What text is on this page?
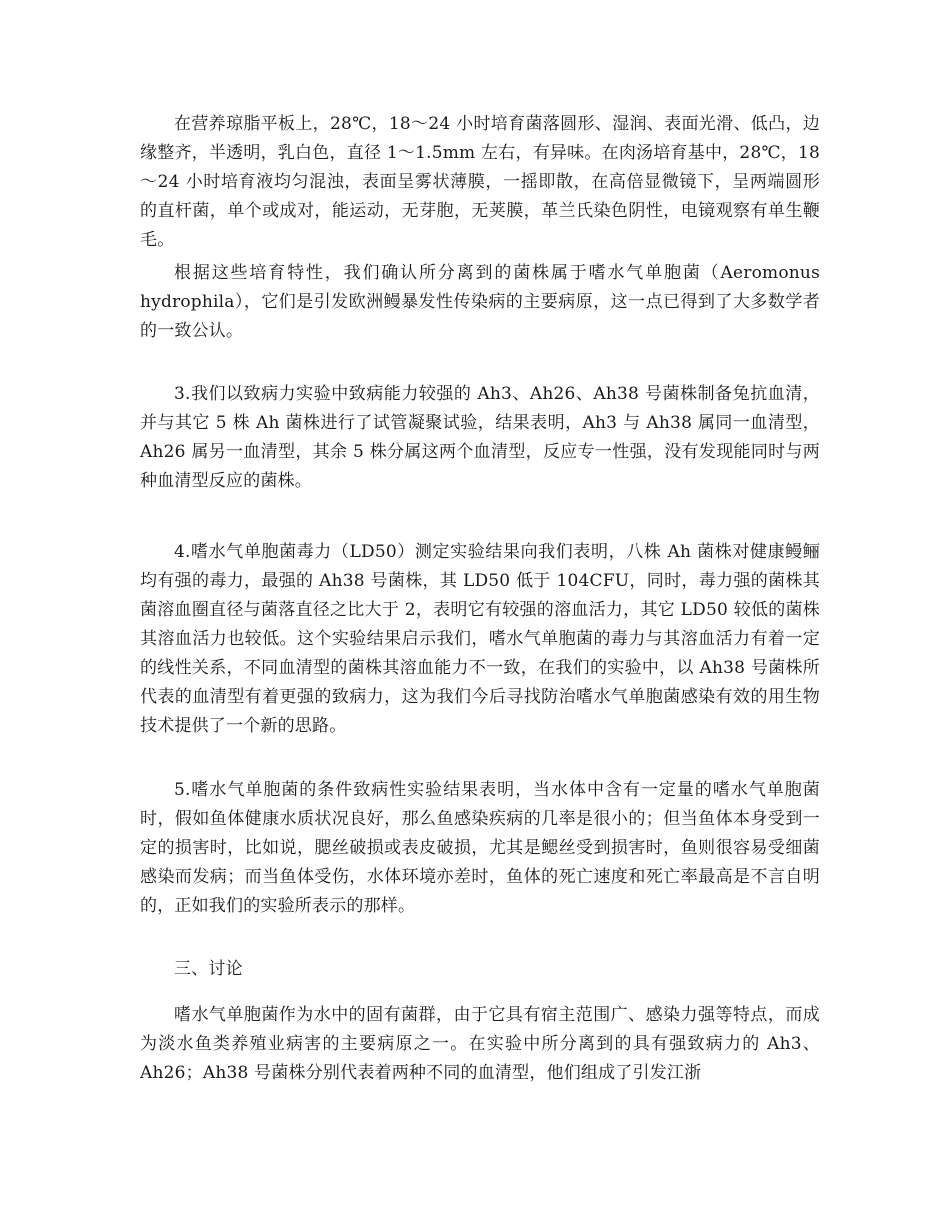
在营养琼脂平板上，28℃，18～24 小时培育菌落圆形、湿润、表面光滑、低凸，边缘整齐，半透明，乳白色，直径 1～1.5mm 左右，有异味。在肉汤培育基中，28℃，18～24 小时培育液均匀混浊，表面呈雾状薄膜，一摇即散，在高倍显微镜下，呈两端圆形的直杆菌，单个或成对，能运动，无芽胞，无荚膜，革兰氏染色阴性，电镜观察有单生鞭毛。

根据这些培育特性，我们确认所分离到的菌株属于嗜水气单胞菌（Aeromonus hydrophila），它们是引发欧洲鳗暴发性传染病的主要病原，这一点已得到了大多数学者的一致公认。

3.我们以致病力实验中致病能力较强的 Ah3、Ah26、Ah38 号菌株制备兔抗血清，并与其它 5 株 Ah 菌株进行了试管凝聚试验，结果表明，Ah3 与 Ah38 属同一血清型，Ah26 属另一血清型，其余 5 株分属这两个血清型，反应专一性强，没有发现能同时与两种血清型反应的菌株。

4.嗜水气单胞菌毒力（LD50）测定实验结果向我们表明，八株 Ah 菌株对健康鳗鲡均有强的毒力，最强的 Ah38 号菌株，其 LD50 低于 104CFU，同时，毒力强的菌株其菌溶血圈直径与菌落直径之比大于 2，表明它有较强的溶血活力，其它 LD50 较低的菌株其溶血活力也较低。这个实验结果启示我们，嗜水气单胞菌的毒力与其溶血活力有着一定的线性关系，不同血清型的菌株其溶血能力不一致，在我们的实验中，以 Ah38 号菌株所代表的血清型有着更强的致病力，这为我们今后寻找防治嗜水气单胞菌感染有效的用生物技术提供了一个新的思路。

5.嗜水气单胞菌的条件致病性实验结果表明，当水体中含有一定量的嗜水气单胞菌时，假如鱼体健康水质状况良好，那么鱼感染疾病的几率是很小的；但当鱼体本身受到一定的损害时，比如说，腮丝破损或表皮破损，尤其是鳃丝受到损害时，鱼则很容易受细菌感染而发病；而当鱼体受伤，水体环境亦差时，鱼体的死亡速度和死亡率最高是不言自明的，正如我们的实验所表示的那样。

三、讨论

嗜水气单胞菌作为水中的固有菌群，由于它具有宿主范围广、感染力强等特点，而成为淡水鱼类养殖业病害的主要病原之一。在实验中所分离到的具有强致病力的 Ah3、Ah26；Ah38 号菌株分别代表着两种不同的血清型，他们组成了引发江浙
